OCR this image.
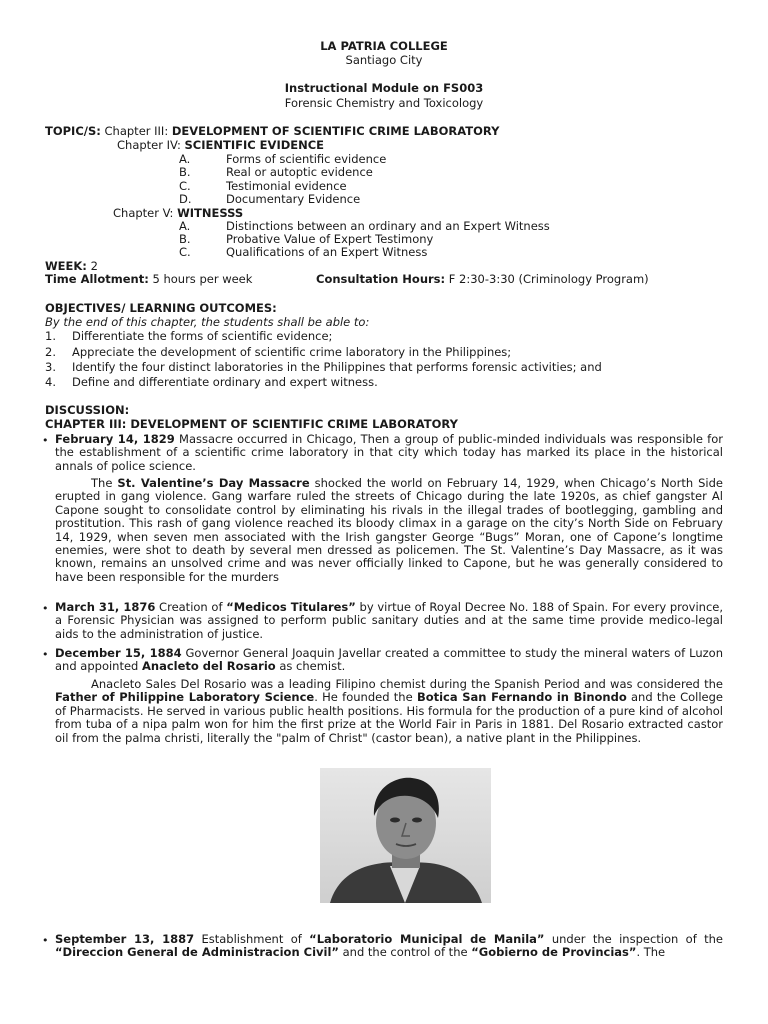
LA PATRIA COLLEGE
Santiago City
Instructional Module on FS003
Forensic Chemistry and Toxicology
TOPIC/S: Chapter III: DEVELOPMENT OF SCIENTIFIC CRIME LABORATORY
Chapter IV: SCIENTIFIC EVIDENCE
A.	Forms of scientific evidence
B.	Real or autoptic evidence
C.	Testimonial evidence
D.	Documentary Evidence
Chapter V: WITNESSS
A.	Distinctions between an ordinary and an Expert Witness
B.	Probative Value of Expert Testimony
C.	Qualifications of an Expert Witness
WEEK: 2
Time Allotment: 5 hours per week	Consultation Hours: F 2:30-3:30 (Criminology Program)
OBJECTIVES/ LEARNING OUTCOMES:
By the end of this chapter, the students shall be able to:
1. Differentiate the forms of scientific evidence;
2. Appreciate the development of scientific crime laboratory in the Philippines;
3. Identify the four distinct laboratories in the Philippines that performs forensic activities; and
4. Define and differentiate ordinary and expert witness.
DISCUSSION:
CHAPTER III: DEVELOPMENT OF SCIENTIFIC CRIME LABORATORY
• February 14, 1829 Massacre occurred in Chicago, Then a group of public-minded individuals was responsible for the establishment of a scientific crime laboratory in that city which today has marked its place in the historical annals of police science.
The St. Valentine’s Day Massacre shocked the world on February 14, 1929, when Chicago’s North Side erupted in gang violence. Gang warfare ruled the streets of Chicago during the late 1920s, as chief gangster Al Capone sought to consolidate control by eliminating his rivals in the illegal trades of bootlegging, gambling and prostitution. This rash of gang violence reached its bloody climax in a garage on the city’s North Side on February 14, 1929, when seven men associated with the Irish gangster George “Bugs” Moran, one of Capone’s longtime enemies, were shot to death by several men dressed as policemen. The St. Valentine’s Day Massacre, as it was known, remains an unsolved crime and was never officially linked to Capone, but he was generally considered to have been responsible for the murders
• March 31, 1876 Creation of “Medicos Titulares” by virtue of Royal Decree No. 188 of Spain. For every province, a Forensic Physician was assigned to perform public sanitary duties and at the same time provide medico-legal aids to the administration of justice.
• December 15, 1884 Governor General Joaquin Javellar created a committee to study the mineral waters of Luzon and appointed Anacleto del Rosario as chemist.
Anacleto Sales Del Rosario was a leading Filipino chemist during the Spanish Period and was considered the Father of Philippine Laboratory Science. He founded the Botica San Fernando in Binondo and the College of Pharmacists. He served in various public health positions. His formula for the production of a pure kind of alcohol from tuba of a nipa palm won for him the first prize at the World Fair in Paris in 1881. Del Rosario extracted castor oil from the palma christi, literally the "palm of Christ" (castor bean), a native plant in the Philippines.
• September 13, 1887 Establishment of “Laboratorio Municipal de Manila” under the inspection of the “Direccion General de Administracion Civil” and the control of the “Gobierno de Provincias”. The
